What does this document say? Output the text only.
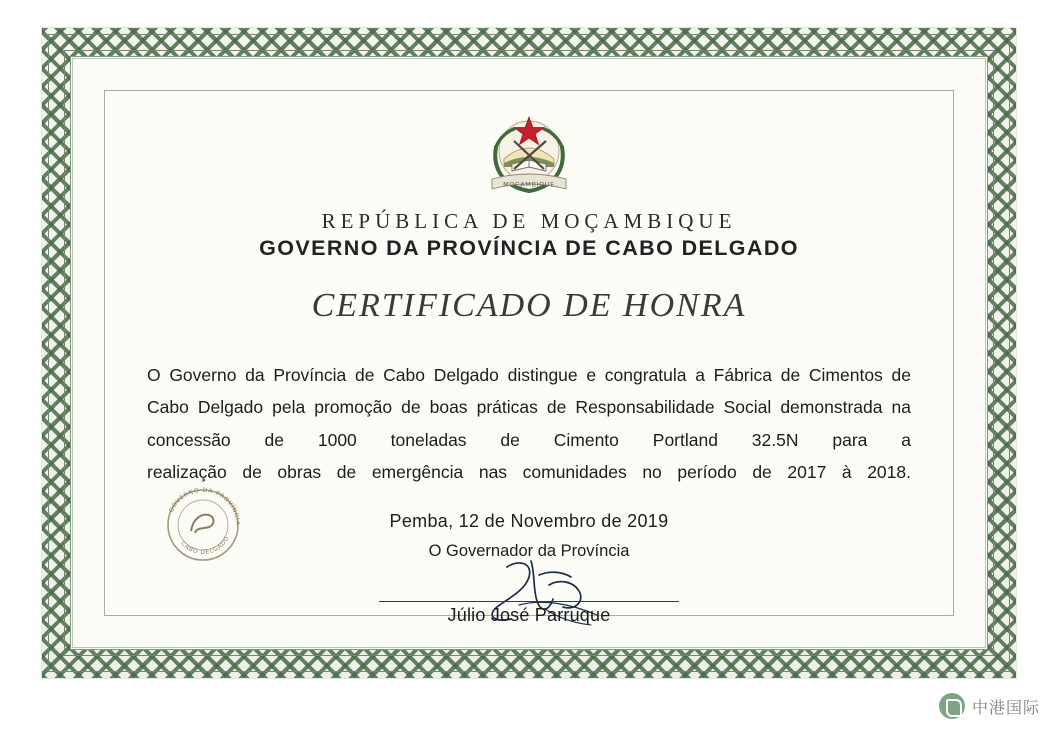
MOÇAMBIQUE
REPÚBLICA DE MOÇAMBIQUE
GOVERNO DA PROVÍNCIA DE CABO DELGADO
CERTIFICADO DE HONRA
O Governo da Província de Cabo Delgado distingue e congratula a Fábrica de Cimentos de Cabo Delgado pela promoção de boas práticas de Responsabilidade Social demonstrada na concessão de 1000 toneladas de Cimento Portland 32.5N para a
realização de obras de emergência nas comunidades no período de 2017 à 2018.
Pemba, 12 de Novembro de 2019
O Governador da Província
Júlio José Parruque
GOVERNO DA PROVÍNCIA
CABO DELGADO
中港国际
